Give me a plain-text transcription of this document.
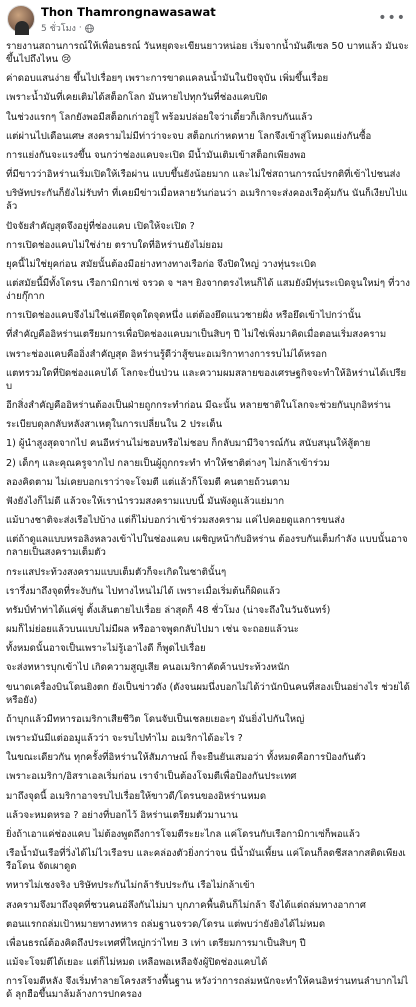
Thon Thamrongnawasawat
5 ชั่วโมง ·
•••

รายงานสถานการณ์ให้เพื่อนธรณ์ วันหยุดจะเขียนยาวหน่อย เริ่มจากน้ำมันดีเซล 50 บาทแล้ว มันจะขึ้นไปถึงไหน 😢

ค่าดอบแสนง่าย ขึ้นไปเรื่อยๆ เพราะการขาดแคลนน้ำมันในปัจจุบัน เพิ่มขึ้นเรื่อย

เพราะน้ำมันที่เคยเติมได้สต็อกโลก มันหายไปทุกวันที่ช่องแคบปิด

ในช่วงแรกๆ โลกยังพอมีสต็อกเก่าอยู่ใ พร้อมปล่อยใจว่าเดี๋ยวก็เลิกรบกันแล้ว

แต่ผ่านไปเดือนเศษ สงครามไม่มีท่าว่าจะจบ สต็อกเก่าหดหาย โลกจึงเข้าสู่โหมดแย่งกันซื้อ

การแย่งกันจะแรงขึ้น จนกว่าช่องแคบจะเปิด มีน้ำมันเติมเข้าสต็อกเพียงพอ

ที่มีขาวว่าอิหร่านเริ่มเปิดให้เรือผ่าน แบบขึ้นยังน้อยมาก และไม่ใช่สถานการณ์ปรกติที่เข้าไปชนส่ง

บริษัทประกันก็ยังไม่รับทำ ที่เคยมีข่าวเมื่อหลายวันก่อนว่า อเมริกาจะส่งคองเรือคุ้มกัน นันก็เงียบไปแล้ว

ปัจจัยสำคัญสุดจึงอยู่ที่ช่องแคบ เปิดให้จะเปิด ?

การเปิดช่องแคบไม่ใช่ง่าย ตราบใดที่อิหร่านยังไม่ยอม

ยุคนี้ไม่ใช่ยุคก่อน สมัยนั้นต้องมีอย่างทางทางเรือก่อ จึงปิดใหญ่ วางทุ่นระเบิด

แต่สมัยนี้มีทั้งโดรน เรือกามิกาเซ่ จรวด จ ฯลฯ ยิงจากตรงไหนก็ได้ แสมยังมีทุ่นระเบิดจูนใหม่ๆ ที่วางง่ายกุ๊กาก

การเปิดช่องแคบจึงไม่ใช่แค่ยึดจุดใดจุดหนึ่ง แต่ต้องยึดแนวชายฝั่ง หรือยึดเข้าไปกว่านั้น

ที่สำคัญคืออิหร่านเตรียมการเพื่อปิดช่องแคบมาเป็นสิบๆ ปี ไม่ใช่เพิ่งมาคิดเมื่อตอนเริ่มสงคราม

เพราะช่องแคบคืออิ่งสำคัญสุด อิหร่านรู้ดีว่าสู้ขนะอเมริกาทางการรบไม่ได้หรอก

แตทรวมใดที่ปิดช่องแคบได้ โลกจะปั่นป่วน และความผมสลายของเศรษฐกิจจะทำให้อิหร่านได้เปรียบ

อีกสิ่งสำคัญคืออิหร่านต้องเป็นฝ่ายถูกกระทำก่อน มีฉะนั้น หลายชาติในโลกจะช่วยกันบุกอิหร่าน

ระเบียบดุลกลับหลังสาเหตุในการเปลี่ยนใน 2 ประเด็น

1) ผู้นำสูงสุดจากไป คนอีหร่านไม่ชอบหรือไม่ชอบ ก็กลับมามีวิจารณ์กัน สนับสนุนให้สู้ตาย

2) เด็กๆ และคุณครูจากไป กลายเป็นผู้ถูกกระทำ ทำให้ชาติต่างๆ ไม่กล้าเข้าร่วม

ลองคิดตาม ไม่เคยบอกเราว่าจะโจมตี แต่แล้วก็โจมตี คนตายถ้วนตาม

ฟังยังไงก็ไม่ดี แล้วจะให้เรานำรวมสงครามแบบนี้ มันพังดูแล้วแย่มาก

แม้บางชาติจะส่งเรือไปบ้าง แต่ก็ไม่บอกว่าเข้าร่วมสงคราม แค่ไปคอยดูแลการขนส่ง

แต่ถ้าดูแลแบบหรอลิงหลวงเข้าไปในช่องแคบ เผชิญหน้ากับอิหร่าน ต้องรบกันเต็มกำลัง แบบนั้นอาจกลายเป็นสงครามเต็มตัว

กระแสประท้วงสงครามแบบเต็มตัวก็จะเกิดในชาตินั้นๆ

เรารึ่งมาถึงจุดที่ระงับกัน ไปทางไหนไม่ได้ เพราะเมื่อเริ่มต้นก็ผิดแล้ว

ทรัมป์ทำท่าได้แค่ขู่ ตั้งเส้นตายไปเรื่อย ล่าสุดก็ 48 ชั่วโมง (น่าจะถึงในวันจันทร์)

ผมก็ไม่ย่อยแล้วบนแบบไม่มีผล หรืออาจพูดกลับไปมา เช่น จะถอยแล้วนะ

ทั้งหมดนั้นอาจเป็นเพราะไม่รู้เอาไงดี ก็พูดไปเรื่อย

จะส่งทหารบุกเข้าไป เกิดความสูญเสีย คนอเมริกาคัดค้านประท้วงหนัก

ขนาดเครื่องบินโดนยิงตก ยังเป็นข่าวดัง (ดังจนผมนึ่งบอกไม่ได้ว่านักบินคนที่สองเป็นอย่างไร ช่วยได้หรือยัง)

ถ้าบุกแล้วมีทหารอเมริกาเสียชีวิต โดนจับเป็นเชลยเยอะๆ มันยิ่งไปกันใหญ่

เพราะมันมีแต่ออมูแล้วว่า จะรบไปทำไม อเมริกาได้อะไร ?

ในขณะเดียวกัน ทุกครั้งที่อิหร่านให้สัมภาษณ์ ก็จะยืนยันเสมอว่า ทั้งหมดคือการป้องกันตัว

เพราะอเมริกา/อิสราเอลเริ่มก่อน เราจำเป็นต้องโจมตีเพื่อป้องกันประเทศ

มาถึงจุดนี้ อเมริกาอาจรบไปเรื่อยให้ขาวดี/โดรนของอิหร่านหมด

แล้วจะหมดหรอ ? อย่างที่บอกไว้ อิหร่านเตรียมตัวมานาน

ยิ่งถ้าเอาแค่ช่องแคบ ไม่ต้องพูดถึงการโจมตีระยะไกล แค่โดรนกับเรือกามิกาเซ่ก็พอแล้ว

เรือน้ำมันเรือที่วิ่งได้ไม่ไวเรือรบ และคล่องตัวยิ่งกว่าจน นี่น้ำมันเพี้ยน แค่โดนก็ลดชีสลากสติดเพียงเรือโดน จัดเผาดูด

ทหารไม่เชงจริง บริษัทประกันไม่กล้ารับประกัน เรือไม่กล้าเข้า

สงครามจึงมาถึงจุดที่ชวนคนอ่ลึงกันไม่มา บุกภาคพื้นดินก็ไม่กล้า จึงได้แต่ถล่มทางอากาศ

ตอนแรกถล่มเป้าหมายทางทหาร ถล่มฐานจรวด/โดรน แต่พบว่ายังยิงได้ไม่หมด

เพื่อนธรณ์ต้องคิดถึงประเทศที่ใหญ่กว่าไทย 3 เท่า เตรียมการมาเป็นสิบๆ ปี

แม้จะโจมตีได้เยอะ แต่ก็ไม่หมด เหลือพอเหลือจังผู้ปิดช่องแคบได้

การโจมตีหลัง จึงเริ่มทำลายโครงสร้างพื้นฐาน หวังว่าการถล่มหนักจะทำให้คนอิหร่านทนลำบากไม่ได้ ลุกฮือขึ้นมาล้มล้างการปกครอง
